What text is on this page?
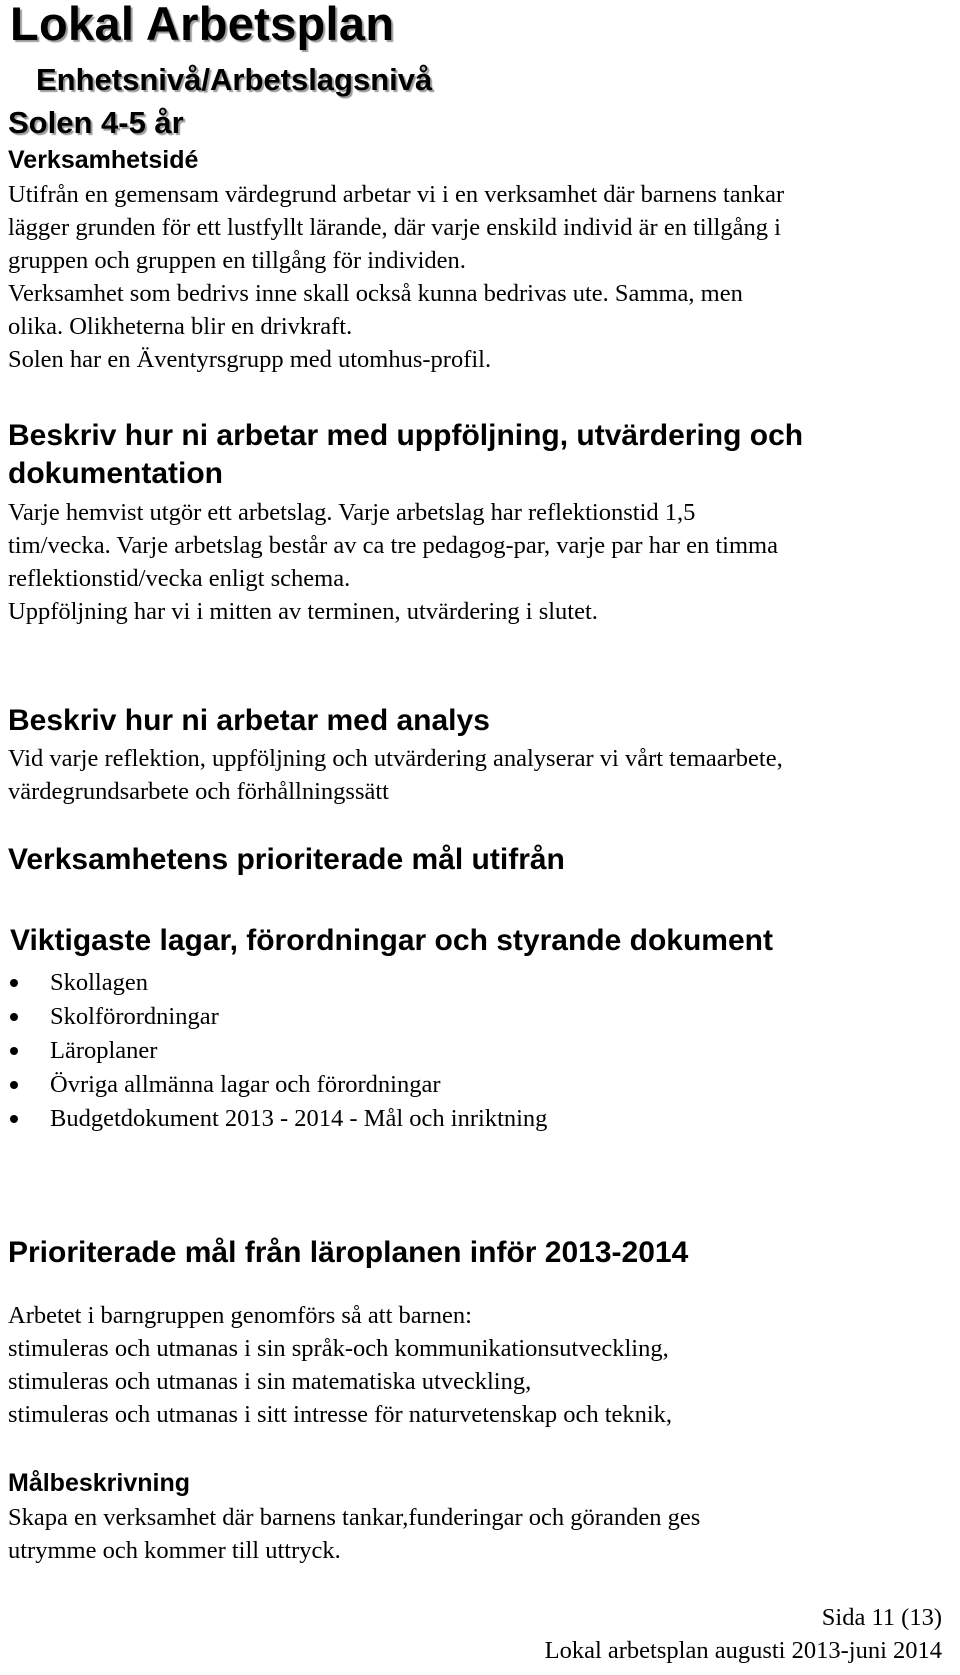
Lokal Arbetsplan
Enhetsnivå/Arbetslagsnivå
Solen 4-5 år
Verksamhetsidé

Utifrån en gemensam värdegrund arbetar vi i en verksamhet där barnens tankar

lägger grunden för ett lustfyllt lärande, där varje enskild individ är en tillgång i

gruppen och gruppen en tillgång för individen.

Verksamhet som bedrivs inne skall också kunna bedrivas ute. Samma, men

olika. Olikheterna blir en drivkraft.

Solen har en Äventyrsgrupp med utomhus-profil.

Beskriv hur ni arbetar med uppföljning, utvärdering och
dokumentation

Varje hemvist utgör ett arbetslag. Varje arbetslag har reflektionstid 1,5

tim/vecka. Varje arbetslag består av ca tre pedagog-par, varje par har en timma

reflektionstid/vecka enligt schema.

Uppföljning har vi i mitten av terminen, utvärdering i slutet.

Beskriv hur ni arbetar med analys

Vid varje reflektion, uppföljning och utvärdering analyserar vi vårt temaarbete,

värdegrundsarbete och förhållningssätt

Verksamhetens prioriterade mål utifrån
Viktigaste lagar, förordningar och styrande dokument
Skollagen
Skolförordningar
Läroplaner
Övriga allmänna lagar och förordningar
Budgetdokument 2013 - 2014 - Mål och inriktning
Prioriterade mål från läroplanen inför 2013-2014

Arbetet i barngruppen genomförs så att barnen:

stimuleras och utmanas i sin språk-och kommunikationsutveckling,

stimuleras och utmanas i sin matematiska utveckling,

stimuleras och utmanas i sitt intresse för naturvetenskap och teknik,

Målbeskrivning

Skapa en verksamhet där barnens tankar,funderingar och göranden ges

utrymme och kommer till uttryck.

Sida 11 (13)

Lokal arbetsplan augusti 2013-juni 2014
